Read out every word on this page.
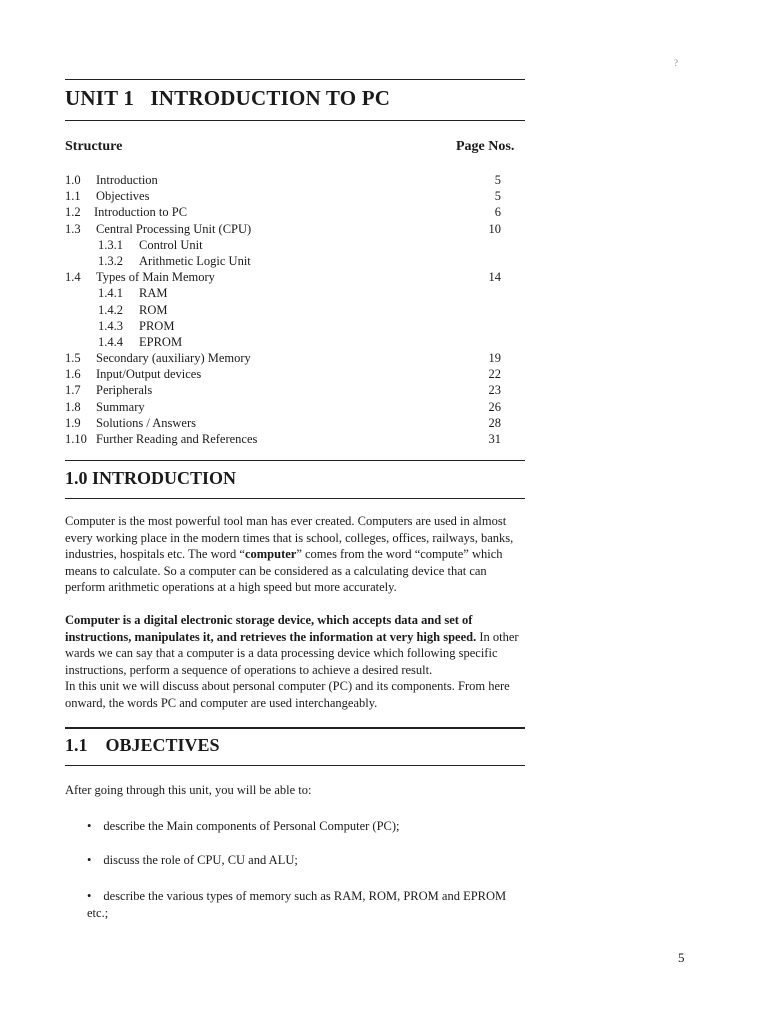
?
UNIT 1   INTRODUCTION TO PC
Structure	Page Nos.
1.0 Introduction	5
1.1 Objectives	5
1.2 Introduction to PC	6
1.3 Central Processing Unit (CPU)	10
1.3.1 Control Unit
1.3.2 Arithmetic Logic Unit
1.4 Types of Main Memory	14
1.4.1 RAM
1.4.2 ROM
1.4.3 PROM
1.4.4 EPROM
1.5 Secondary (auxiliary) Memory	19
1.6 Input/Output devices	22
1.7 Peripherals	23
1.8 Summary	26
1.9 Solutions / Answers	28
1.10 Further Reading and References	31
1.0 INTRODUCTION
Computer is the most powerful tool man has ever created. Computers are used in almost every working place in the modern times that is school, colleges, offices, railways, banks, industries, hospitals etc. The word “computer” comes from the word “compute” which means to calculate. So a computer can be considered as a calculating device that can perform arithmetic operations at a high speed but more accurately.
Computer is a digital electronic storage device, which accepts data and set of instructions, manipulates it, and retrieves the information at very high speed. In other wards we can say that a computer is a data processing device which following specific instructions, perform a sequence of operations to achieve a desired result.
In this unit we will discuss about personal computer (PC) and its components. From here onward, the words PC and computer are used interchangeably.
1.1    OBJECTIVES
After going through this unit, you will be able to:
• describe the Main components of Personal Computer (PC);
• discuss the role of CPU, CU and ALU;
• describe the various types of memory such as RAM, ROM, PROM and EPROM etc.;
5
